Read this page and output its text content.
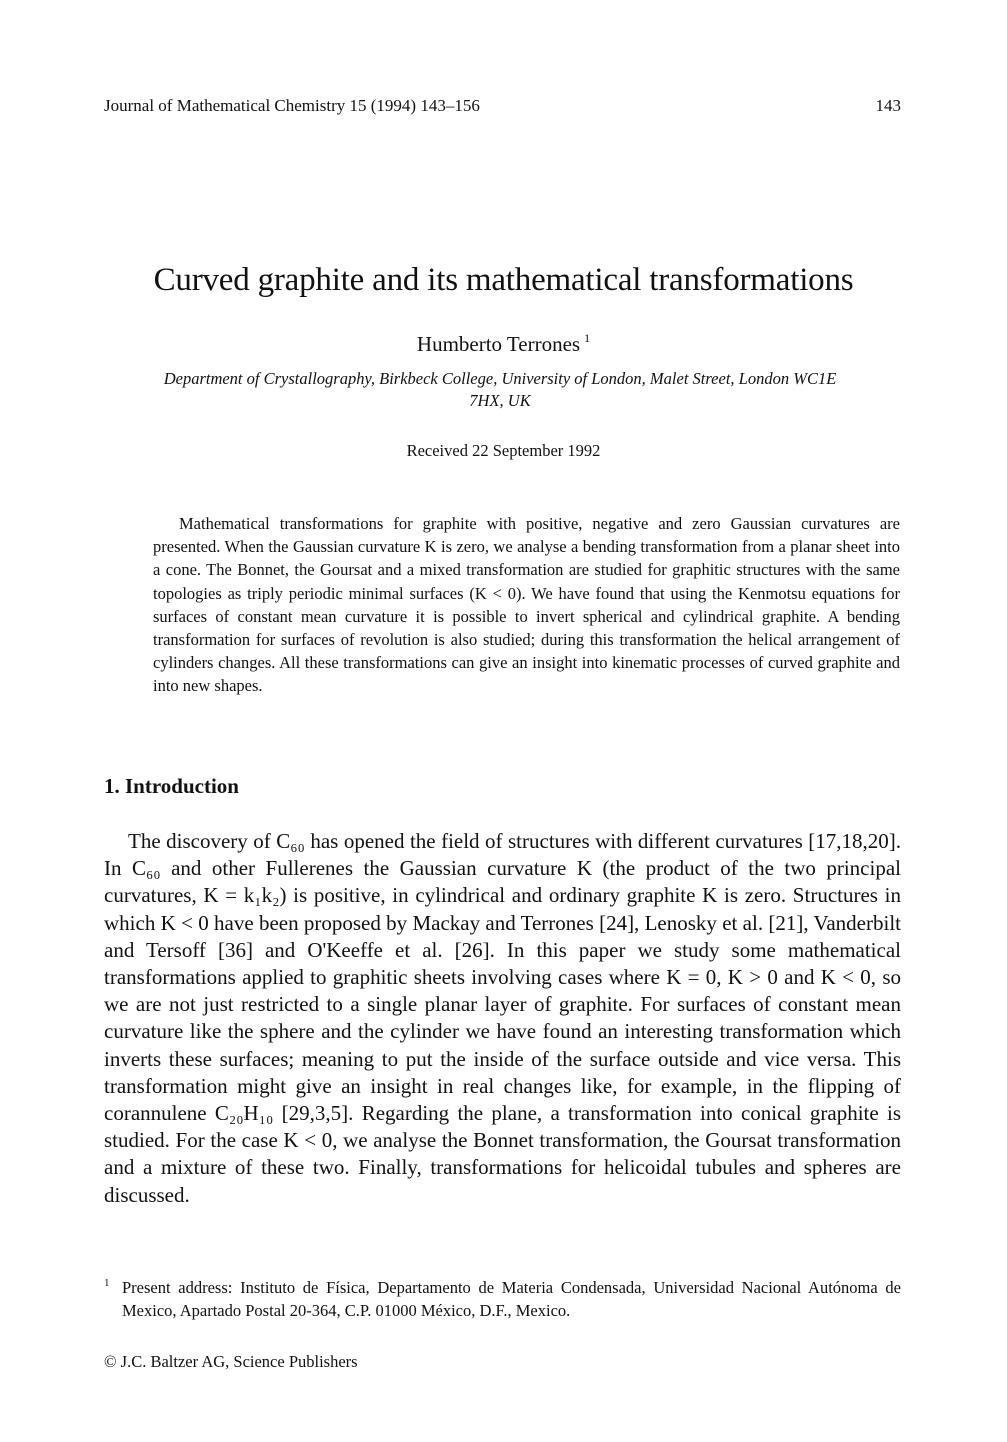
Journal of Mathematical Chemistry 15 (1994) 143–156	143
Curved graphite and its mathematical transformations
Humberto Terrones $^1$
Department of Crystallography, Birkbeck College, University of London, Malet Street, London WC1E 7HX, UK
Received 22 September 1992

Mathematical transformations for graphite with positive, negative and zero Gaussian curvatures are presented. When the Gaussian curvature K is zero, we analyse a bending transformation from a planar sheet into a cone. The Bonnet, the Goursat and a mixed transformation are studied for graphitic structures with the same topologies as triply periodic minimal surfaces (K < 0). We have found that using the Kenmotsu equations for surfaces of constant mean curvature it is possible to invert spherical and cylindrical graphite. A bending transformation for surfaces of revolution is also studied; during this transformation the helical arrangement of cylinders changes. All these transformations can give an insight into kinematic processes of curved graphite and into new shapes.

1. Introduction

The discovery of C₆₀ has opened the field of structures with different curvatures [17,18,20]. In C₆₀ and other Fullerenes the Gaussian curvature K (the product of the two principal curvatures, K = k₁k₂) is positive, in cylindrical and ordinary graphite K is zero. Structures in which K < 0 have been proposed by Mackay and Terrones [24], Lenosky et al. [21], Vanderbilt and Tersoff [36] and O'Keeffe et al. [26]. In this paper we study some mathematical transformations applied to graphitic sheets involving cases where K = 0, K > 0 and K < 0, so we are not just restricted to a single planar layer of graphite. For surfaces of constant mean curvature like the sphere and the cylinder we have found an interesting transformation which inverts these surfaces; meaning to put the inside of the surface outside and vice versa. This transformation might give an insight in real changes like, for example, in the flipping of corannulene C₂₀H₁₀ [29,3,5]. Regarding the plane, a transformation into conical graphite is studied. For the case K < 0, we analyse the Bonnet transformation, the Goursat transformation and a mixture of these two. Finally, transformations for helicoidal tubules and spheres are discussed.

1 Present address: Instituto de Física, Departamento de Materia Condensada, Universidad Nacional Autónoma de Mexico, Apartado Postal 20-364, C.P. 01000 México, D.F., Mexico.
© J.C. Baltzer AG, Science Publishers
